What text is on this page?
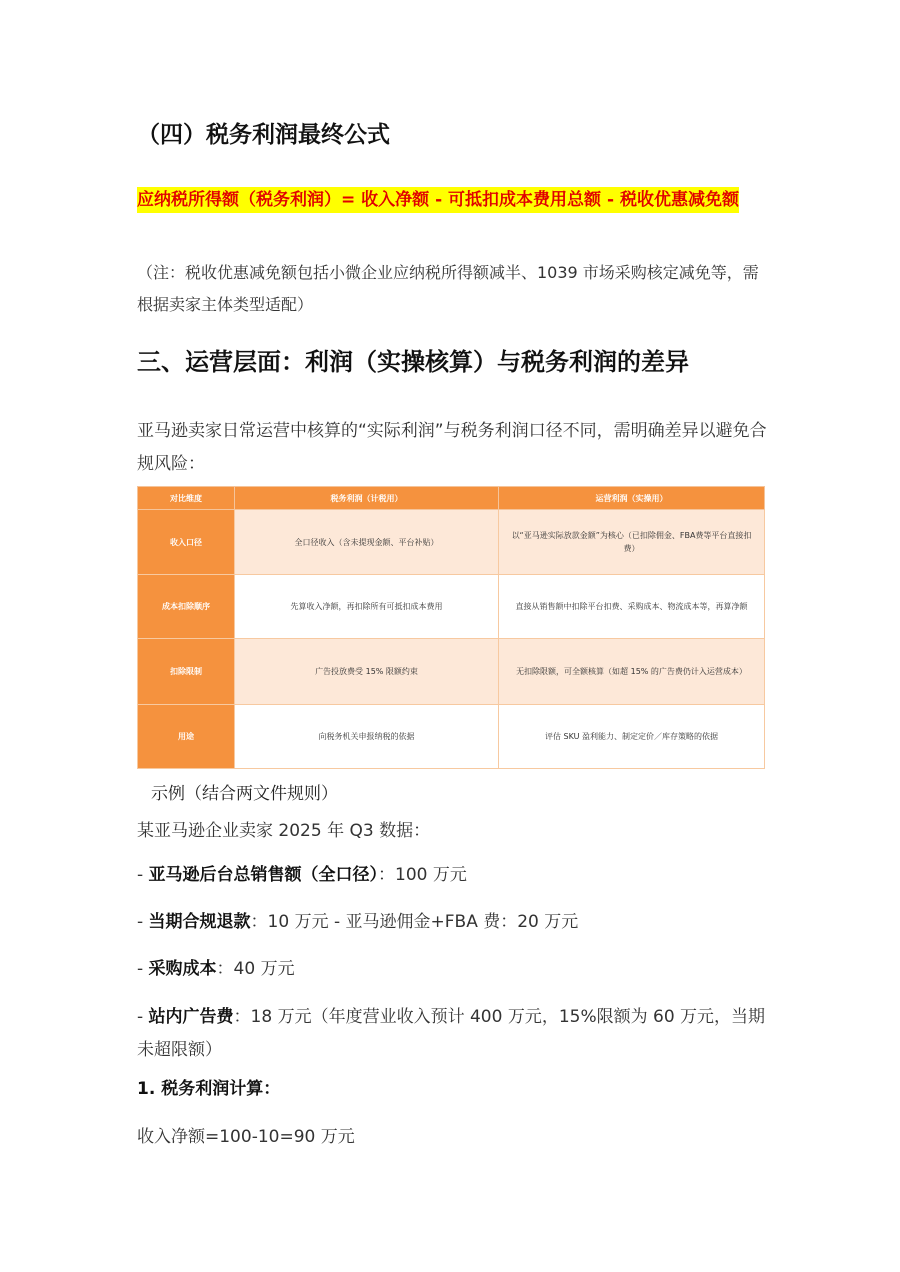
（四）税务利润最终公式
应纳税所得额（税务利润）= 收入净额 - 可抵扣成本费用总额 - 税收优惠减免额
（注：税收优惠减免额包括小微企业应纳税所得额减半、1039 市场采购核定减免等，需根据卖家主体类型适配）
三、运营层面：利润（实操核算）与税务利润的差异
亚马逊卖家日常运营中核算的“实际利润”与税务利润口径不同，需明确差异以避免合规风险：
对比维度	税务利润（计税用）	运营利润（实操用）
收入口径	全口径收入（含未提现金额、平台补贴）	以“亚马逊实际放款金额”为核心（已扣除佣金、FBA费等平台直接扣费）
成本扣除顺序	先算收入净额，再扣除所有可抵扣成本费用	直接从销售额中扣除平台扣费、采购成本、物流成本等，再算净额
扣除限制	广告投放费受 15% 限额约束	无扣除限额，可全额核算（如超 15% 的广告费仍计入运营成本）
用途	向税务机关申报纳税的依据	评估 SKU 盈利能力、制定定价／库存策略的依据
示例（结合两文件规则）
某亚马逊企业卖家 2025 年 Q3 数据：
- 亚马逊后台总销售额（全口径）：100 万元
- 当期合规退款：10 万元 - 亚马逊佣金+FBA 费：20 万元
- 采购成本：40 万元
- 站内广告费：18 万元（年度营业收入预计 400 万元，15%限额为 60 万元，当期未超限额）
1. 税务利润计算：
收入净额=100-10=90 万元
